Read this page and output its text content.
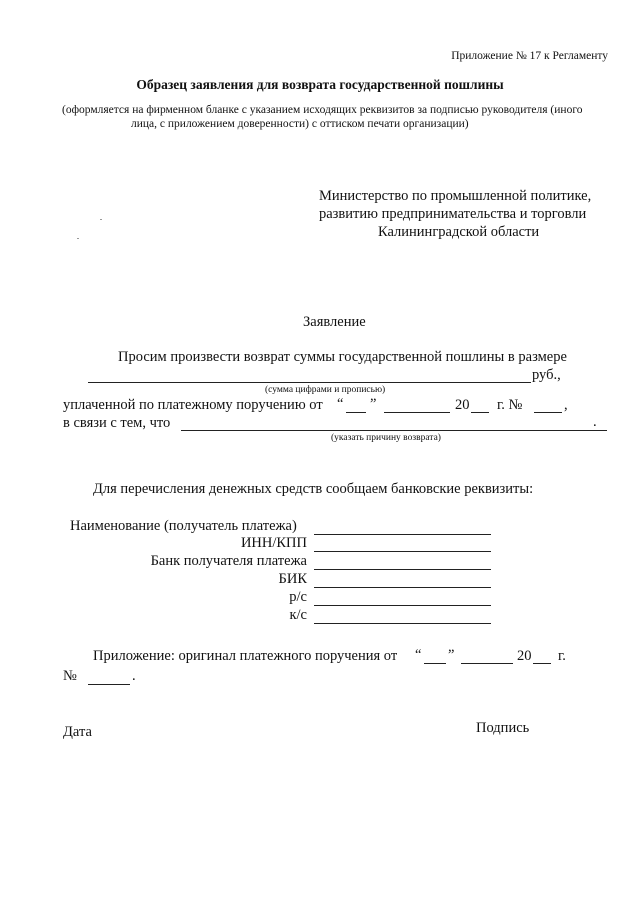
Приложение № 17 к Регламенту
Образец заявления для возврата государственной пошлины
(оформляется на фирменном бланке с указанием исходящих реквизитов за подписью руководителя (иного
лица, с приложением доверенности) с оттиском печати организации)
Министерство по промышленной политике,
развитию предпринимательства и торговли
Калининградской области
Заявление
Просим произвести возврат суммы государственной пошлины в размере
руб.,
(сумма цифрами и прописью)
уплаченной по платежному поручению от “ ”	20 г. №	,
в связи с тем, что	.
(указать причину возврата)
Для перечисления денежных средств сообщаем банковские реквизиты:
Наименование (получатель платежа)
ИНН/КПП
Банк получателя платежа
БИК
р/с
к/с
Приложение: оригинал платежного поручения от “ ”	20 г.
№	.
Дата	Подпись
